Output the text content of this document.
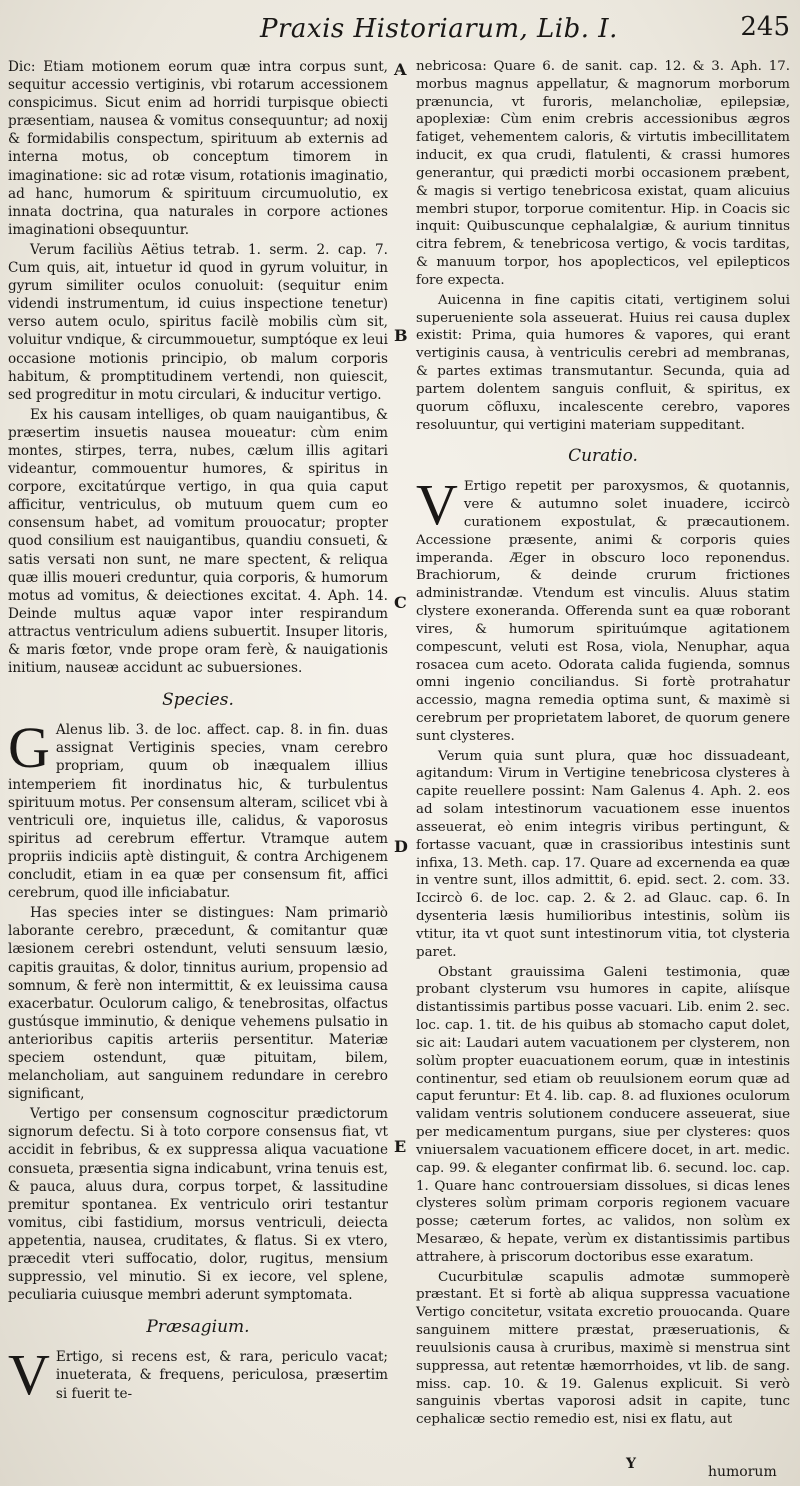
Praxis Historiarum, Lib. I.	245

Dic: Etiam motionem eorum quæ intra corpus sunt, sequitur accessio vertiginis, vbi rotarum accessionem conspicimus. Sicut enim ad horridi turpisque obiecti præsentiam, nausea & vomitus consequuntur; ad noxij & formidabilis conspectum, spirituum ab externis ad interna motus, ob conceptum timorem in imaginatione: sic ad rotæ visum, rotationis imaginatio, ad hanc, humorum & spirituum circumuolutio, ex innata doctrina, qua naturales in corpore actiones imaginationi obsequuntur.

Verum faciliùs Aëtius tetrab. 1. serm. 2. cap. 7. Cum quis, ait, intuetur id quod in gyrum voluitur, in gyrum similiter oculos conuoluit: (sequitur enim videndi instrumentum, id cuius inspectione tenetur) verso autem oculo, spiritus facilè mobilis cùm sit, voluitur vndique, & circummouetur, sumptóque ex leui occasione motionis principio, ob malum corporis habitum, & promptitudinem vertendi, non quiescit, sed progreditur in motu circulari, & inducitur vertigo.

Ex his causam intelliges, ob quam nauigantibus, & præsertim insuetis nausea moueatur: cùm enim montes, stirpes, terra, nubes, cælum illis agitari videantur, commouentur humores, & spiritus in corpore, excitatúrque vertigo, in qua quia caput afficitur, ventriculus, ob mutuum quem cum eo consensum habet, ad vomitum prouocatur; propter quod consilium est nauigantibus, quandiu consueti, & satis versati non sunt, ne mare spectent, & reliqua quæ illis moueri creduntur, quia corporis, & humorum motus ad vomitus, & deiectiones excitat. 4. Aph. 14. Deinde multus aquæ vapor inter respirandum attractus ventriculum adiens subuertit. Insuper litoris, & maris fœtor, vnde prope oram ferè, & nauigationis initium, nauseæ accidunt ac subuersiones.

Species.

G Alenus lib. 3. de loc. affect. cap. 8. in fin. duas assignat Vertiginis species, vnam cerebro propriam, quum ob inæqualem illius intemperiem fit inordinatus hic, & turbulentus spirituum motus. Per consensum alteram, scilicet vbi à ventriculi ore, inquietus ille, calidus, & vaporosus spiritus ad cerebrum effertur. Vtramque autem propriis indiciis aptè distinguit, & contra Archigenem concludit, etiam in ea quæ per consensum fit, affici cerebrum, quod ille inficiabatur.

Has species inter se distingues: Nam primariò laborante cerebro, præcedunt, & comitantur quæ læsionem cerebri ostendunt, veluti sensuum læsio, capitis grauitas, & dolor, tinnitus aurium, propensio ad somnum, & ferè non intermittit, & ex leuissima causa exacerbatur. Oculorum caligo, & tenebrositas, olfactus gustúsque imminutio, & denique vehemens pulsatio in anterioribus capitis arteriis persentitur. Materiæ speciem ostendunt, quæ pituitam, bilem, melancholiam, aut sanguinem redundare in cerebro significant,

Vertigo per consensum cognoscitur prædictorum signorum defectu. Si à toto corpore consensus fiat, vt accidit in febribus, & ex suppressa aliqua vacuatione consueta, præsentia signa indicabunt, vrina tenuis est, & pauca, aluus dura, corpus torpet, & lassitudine premitur spontanea. Ex ventriculo oriri testantur vomitus, cibi fastidium, morsus ventriculi, deiecta appetentia, nausea, cruditates, & flatus. Si ex vtero, præcedit vteri suffocatio, dolor, rugitus, mensium suppressio, vel minutio. Si ex iecore, vel splene, peculiaria cuiusque membri aderunt symptomata.

Præsagium.

V Ertigo, si recens est, & rara, periculo vacat; inueterata, & frequens, periculosa, præsertim si fuerit te-

A
B
C
D
E

nebricosa: Quare 6. de sanit. cap. 12. & 3. Aph. 17. morbus magnus appellatur, & magnorum morborum prænuncia, vt furoris, melancholiæ, epilepsiæ, apoplexiæ: Cùm enim crebris accessionibus ægros fatiget, vehementem caloris, & virtutis imbecillitatem inducit, ex qua crudi, flatulenti, & crassi humores generantur, qui prædicti morbi occasionem præbent, & magis si vertigo tenebricosa existat, quam alicuius membri stupor, torporue comitentur. Hip. in Coacis sic inquit: Quibuscunque cephalalgiæ, & aurium tinnitus citra febrem, & tenebricosa vertigo, & vocis tarditas, & manuum torpor, hos apoplecticos, vel epilepticos fore expecta.

Auicenna in fine capitis citati, vertiginem solui superueniente sola asseuerat. Huius rei causa duplex existit: Prima, quia humores & vapores, qui erant vertiginis causa, à ventriculis cerebri ad membranas, & partes extimas transmutantur. Secunda, quia ad partem dolentem sanguis confluit, & spiritus, ex quorum cõfluxu, incalescente cerebro, vapores resoluuntur, qui vertigini materiam suppeditant.

Curatio.

V Ertigo repetit per paroxysmos, & quotannis, vere & autumno solet inuadere, iccircò curationem expostulat, & præcautionem. Accessione præsente, animi & corporis quies imperanda. Æger in obscuro loco reponendus. Brachiorum, & deinde crurum frictiones administrandæ. Vtendum est vinculis. Aluus statim clystere exoneranda. Offerenda sunt ea quæ roborant vires, & humorum spirituúmque agitationem compescunt, veluti est Rosa, viola, Nenuphar, aqua rosacea cum aceto. Odorata calida fugienda, somnus omni ingenio conciliandus. Si fortè protrahatur accessio, magna remedia optima sunt, & maximè si cerebrum per proprietatem laboret, de quorum genere sunt clysteres.

Verum quia sunt plura, quæ hoc dissuadeant, agitandum: Virum in Vertigine tenebricosa clysteres à capite reuellere possint: Nam Galenus 4. Aph. 2. eos ad solam intestinorum vacuationem esse inuentos asseuerat, eò enim integris viribus pertingunt, & fortasse vacuant, quæ in crassioribus intestinis sunt infixa, 13. Meth. cap. 17. Quare ad excernenda ea quæ in ventre sunt, illos admittit, 6. epid. sect. 2. com. 33. Iccircò 6. de loc. cap. 2. & 2. ad Glauc. cap. 6. In dysenteria læsis humilioribus intestinis, solùm iis vtitur, ita vt quot sunt intestinorum vitia, tot clysteria paret.

Obstant grauissima Galeni testimonia, quæ probant clysterum vsu humores in capite, aliísque distantissimis partibus posse vacuari. Lib. enim 2. sec. loc. cap. 1. tit. de his quibus ab stomacho caput dolet, sic ait: Laudari autem vacuationem per clysterem, non solùm propter euacuationem eorum, quæ in intestinis continentur, sed etiam ob reuulsionem eorum quæ ad caput feruntur: Et 4. lib. cap. 8. ad fluxiones oculorum validam ventris solutionem conducere asseuerat, siue per medicamentum purgans, siue per clysteres: quos vniuersalem vacuationem efficere docet, in art. medic. cap. 99. & eleganter confirmat lib. 6. secund. loc. cap. 1. Quare hanc controuersiam dissolues, si dicas lenes clysteres solùm primam corporis regionem vacuare posse; cæterum fortes, ac validos, non solùm ex Mesaræo, & hepate, verùm ex distantissimis partibus attrahere, à priscorum doctoribus esse exaratum.

Cucurbitulæ scapulis admotæ summoperè præstant. Et si fortè ab aliqua suppressa vacuatione Vertigo concitetur, vsitata excretio prouocanda. Quare sanguinem mittere præstat, præseruationis, & reuulsionis causa à cruribus, maximè si menstrua sint suppressa, aut retentæ hæmorrhoides, vt lib. de sang. miss. cap. 10. & 19. Galenus explicuit. Si verò sanguinis vbertas vaporosi adsit in capite, tunc cephalicæ sectio remedio est, nisi ex flatu, aut

Y	humorum
